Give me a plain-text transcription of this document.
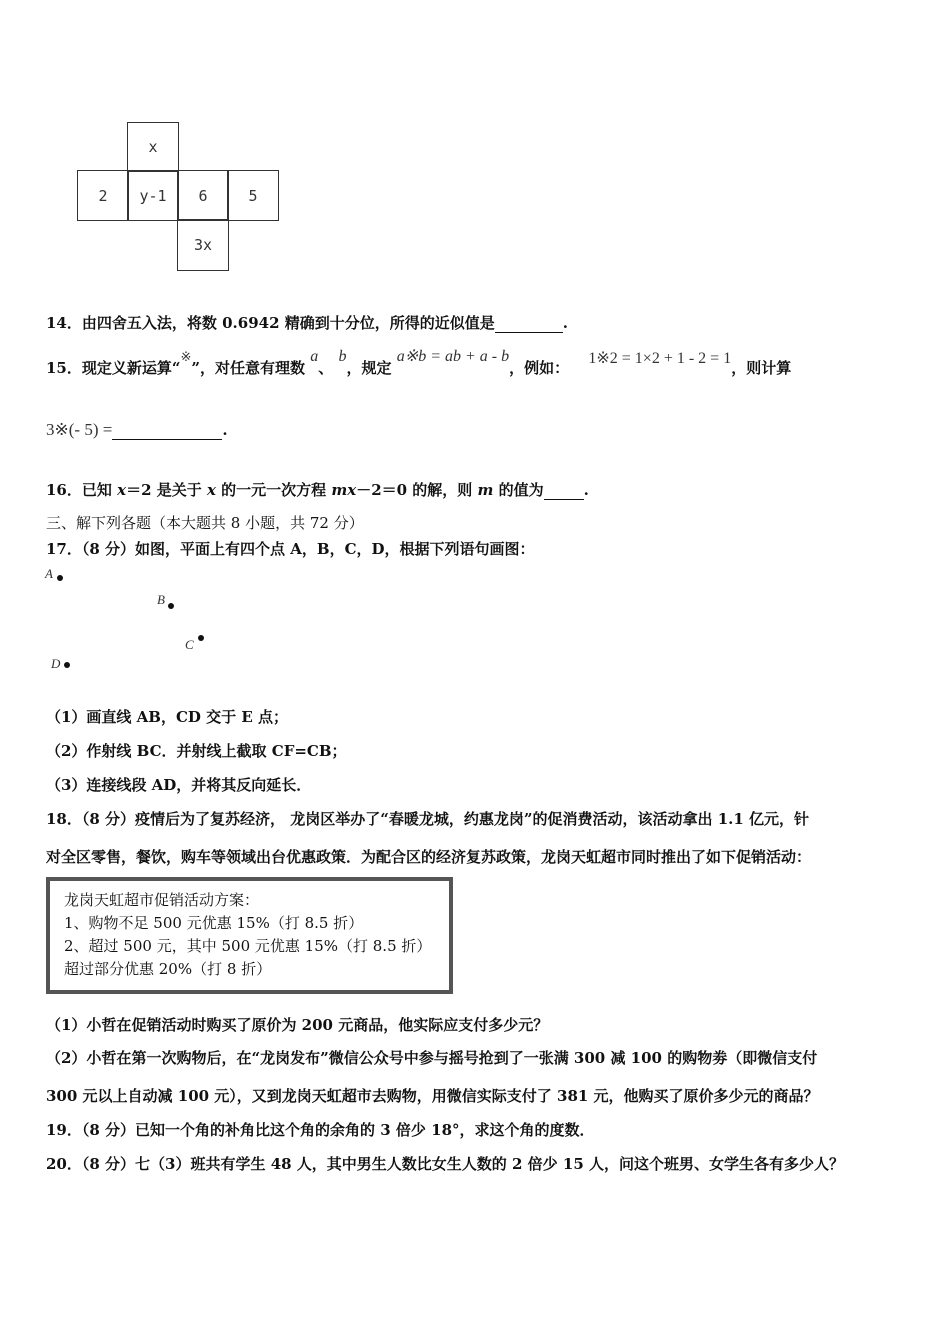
x
2	y-1	6	5
3x
14．由四舍五入法，将数 0.6942 精确到十分位，所得的近似值是	.
15．现定义新运算“※”，对任意有理数 a、 b，规定 a※b = ab + a - b，例如： 1※2 = 1×2 + 1 - 2 = 1，则计算
3※(- 5) =	.
16．已知 x＝2 是关于 x 的一元一次方程 mx－2＝0 的解，则 m 的值为	.
三、解下列各题（本大题共 8 小题，共 72 分）
17．（8 分）如图，平面上有四个点 A，B，C，D，根据下列语句画图：
A
B
C
D
（1）画直线 AB，CD 交于 E 点；
（2）作射线 BC．并射线上截取 CF=CB；
（3）连接线段 AD，并将其反向延长．
18．（8 分）疫情后为了复苏经济， 龙岗区举办了“春暖龙城，约惠龙岗”的促消费活动，该活动拿出 1.1 亿元，针
对全区零售，餐饮，购车等领域出台优惠政策．为配合区的经济复苏政策，龙岗天虹超市同时推出了如下促销活动：
龙岗天虹超市促销活动方案：
1、购物不足 500 元优惠 15%（打 8.5 折）
2、超过 500 元，其中 500 元优惠 15%（打 8.5 折）
超过部分优惠 20%（打 8 折）
（1）小哲在促销活动时购买了原价为 200 元商品，他实际应支付多少元？
（2）小哲在第一次购物后，在“龙岗发布”微信公众号中参与摇号抢到了一张满 300 减 100 的购物劵（即微信支付
300 元以上自动减 100 元），又到龙岗天虹超市去购物，用微信实际支付了 381 元，他购买了原价多少元的商品？
19．（8 分）已知一个角的补角比这个角的余角的 3 倍少 18°，求这个角的度数．
20．（8 分）七（3）班共有学生 48 人，其中男生人数比女生人数的 2 倍少 15 人，问这个班男、女学生各有多少人？
